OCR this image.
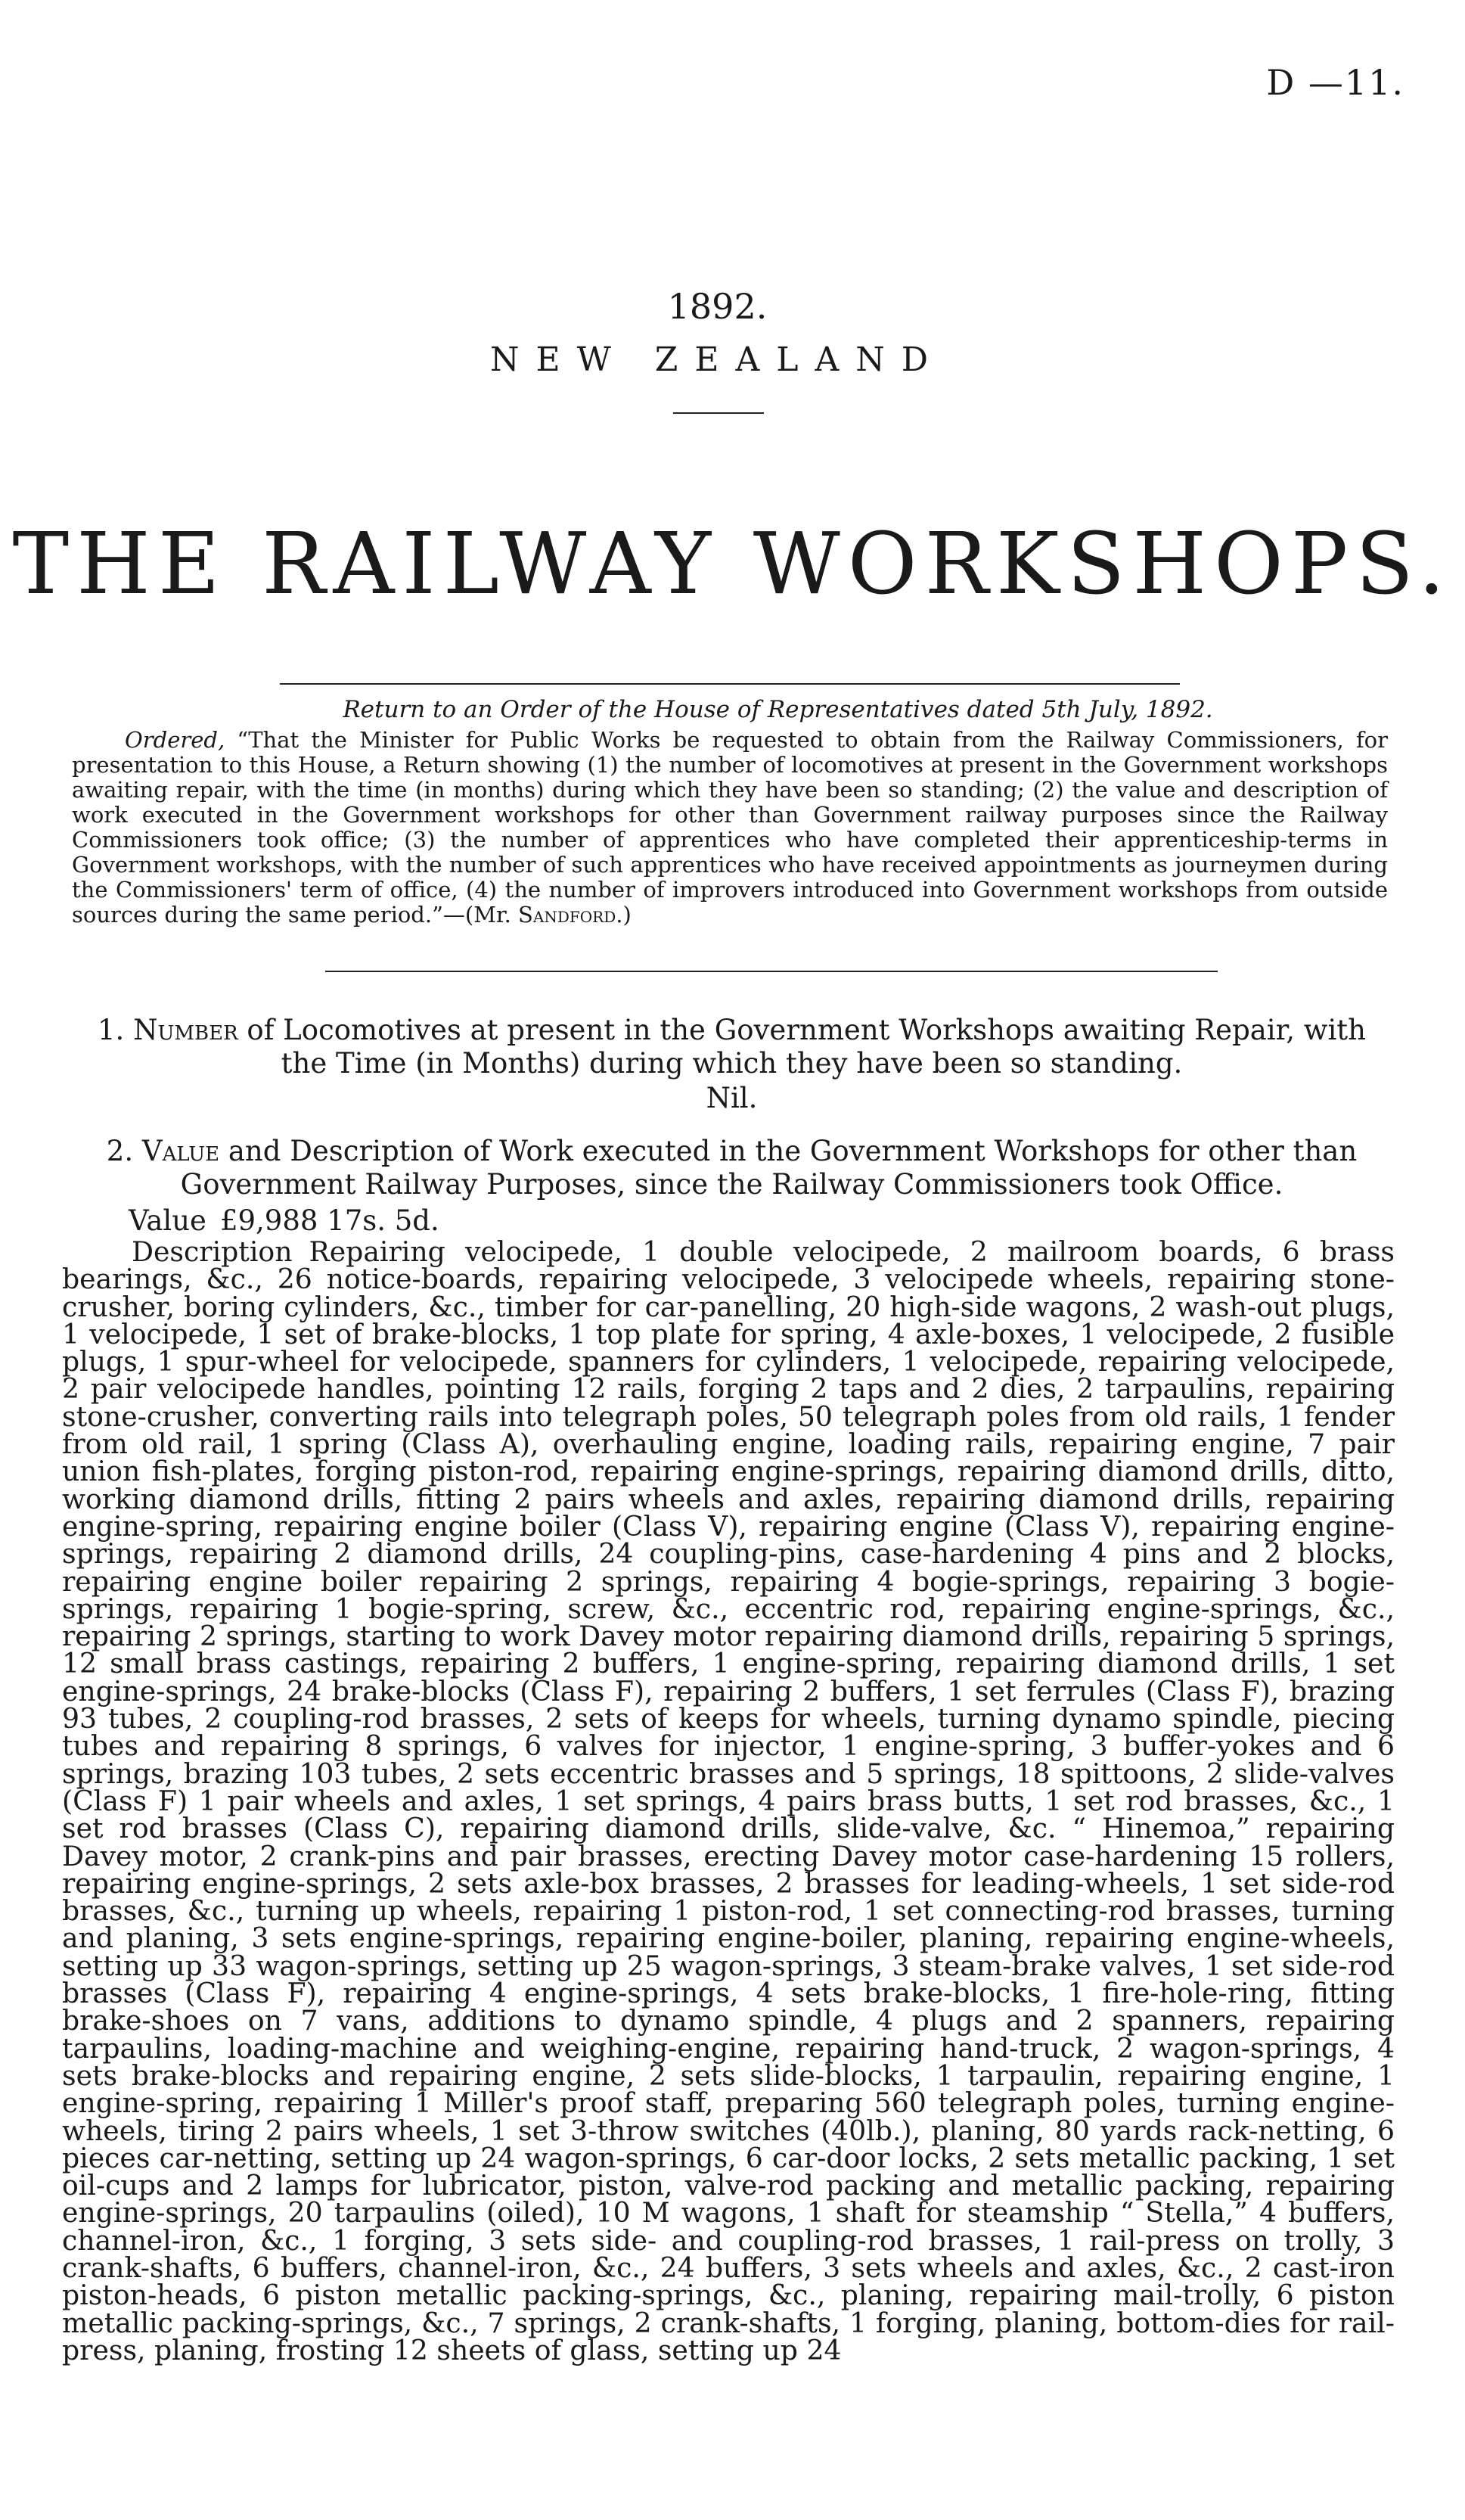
D —11.
1892.
NEW ZEALAND
THE RAILWAY WORKSHOPS.
Return to an Order of the House of Representatives dated 5th July, 1892.
Ordered, “That the Minister for Public Works be requested to obtain from the Railway Commissioners, for presentation to this House, a Return showing (1) the number of locomotives at present in the Government workshops awaiting repair, with the time (in months) during which they have been so standing; (2) the value and description of work executed in the Government workshops for other than Government railway purposes since the Railway Commissioners took office; (3) the number of apprentices who have completed their apprenticeship-terms in Government workshops, with the number of such apprentices who have received appointments as journeymen during the Commissioners' term of office, (4) the number of improvers introduced into Government workshops from outside sources during the same period.”—(Mr. Sandford.)
1. Number of Locomotives at present in the Government Workshops awaiting Repair, with the Time (in Months) during which they have been so standing.
Nil.
2. Value and Description of Work executed in the Government Workshops for other than Government Railway Purposes, since the Railway Commissioners took Office.
Value £9,988 17s. 5d.
Description Repairing velocipede, 1 double velocipede, 2 mailroom boards, 6 brass bearings, &c., 26 notice-boards, repairing velocipede, 3 velocipede wheels, repairing stone-crusher, boring cylinders, &c., timber for car-panelling, 20 high-side wagons, 2 wash-out plugs, 1 velocipede, 1 set of brake-blocks, 1 top plate for spring, 4 axle-boxes, 1 velocipede, 2 fusible plugs, 1 spur-wheel for velocipede, spanners for cylinders, 1 velocipede, repairing velocipede, 2 pair velocipede handles, pointing 12 rails, forging 2 taps and 2 dies, 2 tarpaulins, repairing stone-crusher, converting rails into telegraph poles, 50 telegraph poles from old rails, 1 fender from old rail, 1 spring (Class A), overhauling engine, loading rails, repairing engine, 7 pair union fish-plates, forging piston-rod, repairing engine-springs, repairing diamond drills, ditto, working diamond drills, fitting 2 pairs wheels and axles, repairing diamond drills, repairing engine-spring, repairing engine boiler (Class V), repairing engine (Class V), repairing engine-springs, repairing 2 diamond drills, 24 coupling-pins, case-hardening 4 pins and 2 blocks, repairing engine boiler repairing 2 springs, repairing 4 bogie-springs, repairing 3 bogie-springs, repairing 1 bogie-spring, screw, &c., eccentric rod, repairing engine-springs, &c., repairing 2 springs, starting to work Davey motor repairing diamond drills, repairing 5 springs, 12 small brass castings, repairing 2 buffers, 1 engine-spring, repairing diamond drills, 1 set engine-springs, 24 brake-blocks (Class F), repairing 2 buffers, 1 set ferrules (Class F), brazing 93 tubes, 2 coupling-rod brasses, 2 sets of keeps for wheels, turning dynamo spindle, piecing tubes and repairing 8 springs, 6 valves for injector, 1 engine-spring, 3 buffer-yokes and 6 springs, brazing 103 tubes, 2 sets eccentric brasses and 5 springs, 18 spittoons, 2 slide-valves (Class F) 1 pair wheels and axles, 1 set springs, 4 pairs brass butts, 1 set rod brasses, &c., 1 set rod brasses (Class C), repairing diamond drills, slide-valve, &c. “ Hinemoa,” repairing Davey motor, 2 crank-pins and pair brasses, erecting Davey motor case-hardening 15 rollers, repairing engine-springs, 2 sets axle-box brasses, 2 brasses for leading-wheels, 1 set side-rod brasses, &c., turning up wheels, repairing 1 piston-rod, 1 set connecting-rod brasses, turning and planing, 3 sets engine-springs, repairing engine-boiler, planing, repairing engine-wheels, setting up 33 wagon-springs, setting up 25 wagon-springs, 3 steam-brake valves, 1 set side-rod brasses (Class F), repairing 4 engine-springs, 4 sets brake-blocks, 1 fire-hole-ring, fitting brake-shoes on 7 vans, additions to dynamo spindle, 4 plugs and 2 spanners, repairing tarpaulins, loading-machine and weighing-engine, repairing hand-truck, 2 wagon-springs, 4 sets brake-blocks and repairing engine, 2 sets slide-blocks, 1 tarpaulin, repairing engine, 1 engine-spring, repairing 1 Miller's proof staff, preparing 560 telegraph poles, turning engine-wheels, tiring 2 pairs wheels, 1 set 3-throw switches (40lb.), planing, 80 yards rack-netting, 6 pieces car-netting, setting up 24 wagon-springs, 6 car-door locks, 2 sets metallic packing, 1 set oil-cups and 2 lamps for lubricator, piston, valve-rod packing and metallic packing, repairing engine-springs, 20 tarpaulins (oiled), 10 M wagons, 1 shaft for steamship “ Stella,” 4 buffers, channel-iron, &c., 1 forging, 3 sets side- and coupling-rod brasses, 1 rail-press on trolly, 3 crank-shafts, 6 buffers, channel-iron, &c., 24 buffers, 3 sets wheels and axles, &c., 2 cast-iron piston-heads, 6 piston metallic packing-springs, &c., planing, repairing mail-trolly, 6 piston metallic packing-springs, &c., 7 springs, 2 crank-shafts, 1 forging, planing, bottom-dies for rail-press, planing, frosting 12 sheets of glass, setting up 24
